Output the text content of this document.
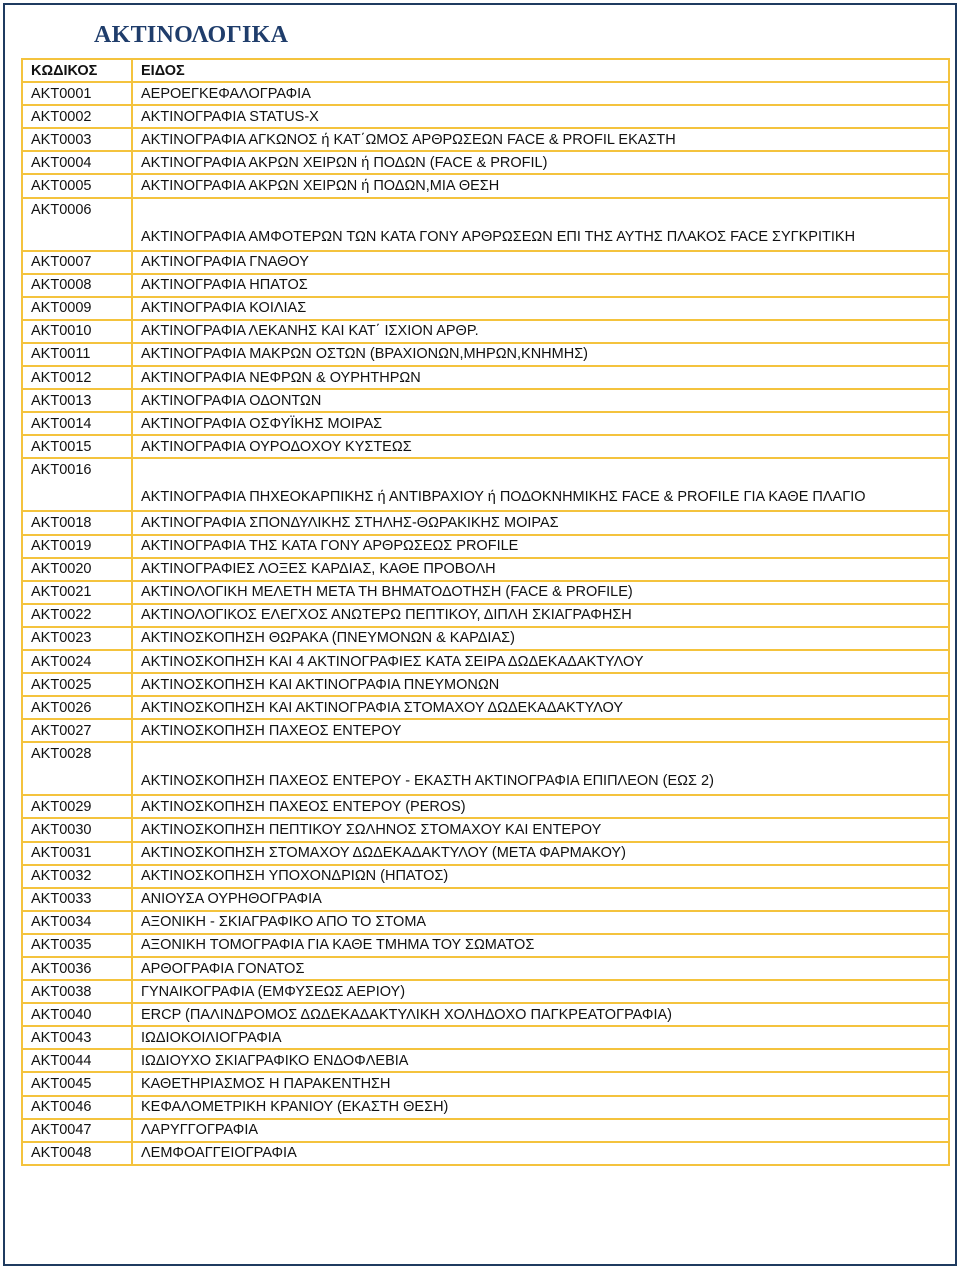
ΑΚΤΙΝΟΛΟΓΙΚΑ
ΚΩΔΙΚΟΣ	ΕΙΔΟΣ
AKT0001	ΑΕΡΟΕΓΚΕΦΑΛΟΓΡΑΦΙΑ
AKT0002	ΑΚΤΙΝΟΓΡΑΦΙΑ STATUS-X
AKT0003	ΑΚΤΙΝΟΓΡΑΦΙΑ ΑΓΚΩΝΟΣ ή ΚΑΤ΄ΩΜΟΣ ΑΡΘΡΩΣΕΩΝ FACE & PROFIL ΕΚΑΣΤΗ
AKT0004	ΑΚΤΙΝΟΓΡΑΦΙΑ ΑΚΡΩΝ ΧΕΙΡΩΝ ή ΠΟΔΩΝ (FACE & PROFIL)
AKT0005	ΑΚΤΙΝΟΓΡΑΦΙΑ ΑΚΡΩΝ ΧΕΙΡΩΝ ή ΠΟΔΩΝ,ΜΙΑ ΘΕΣΗ
AKT0006	ΑΚΤΙΝΟΓΡΑΦΙΑ ΑΜΦΟΤΕΡΩΝ ΤΩΝ ΚΑΤΑ ΓΟΝΥ ΑΡΘΡΩΣΕΩΝ ΕΠΙ ΤΗΣ ΑΥΤΗΣ ΠΛΑΚΟΣ FACE ΣΥΓΚΡΙΤΙΚΗ
AKT0007	ΑΚΤΙΝΟΓΡΑΦΙΑ ΓΝΑΘΟΥ
AKT0008	ΑΚΤΙΝΟΓΡΑΦΙΑ ΗΠΑΤΟΣ
AKT0009	ΑΚΤΙΝΟΓΡΑΦΙΑ ΚΟΙΛΙΑΣ
AKT0010	ΑΚΤΙΝΟΓΡΑΦΙΑ ΛΕΚΑΝΗΣ ΚΑΙ ΚΑΤ΄ ΙΣΧΙΟΝ ΑΡΘΡ.
AKT0011	ΑΚΤΙΝΟΓΡΑΦΙΑ ΜΑΚΡΩΝ ΟΣΤΩΝ (ΒΡΑΧΙΟΝΩΝ,ΜΗΡΩΝ,ΚΝΗΜΗΣ)
AKT0012	ΑΚΤΙΝΟΓΡΑΦΙΑ ΝΕΦΡΩΝ & ΟΥΡΗΤΗΡΩΝ
AKT0013	ΑΚΤΙΝΟΓΡΑΦΙΑ ΟΔΟΝΤΩΝ
AKT0014	ΑΚΤΙΝΟΓΡΑΦΙΑ ΟΣΦΥΪΚΗΣ ΜΟΙΡΑΣ
AKT0015	ΑΚΤΙΝΟΓΡΑΦΙΑ ΟΥΡΟΔΟΧΟΥ ΚΥΣΤΕΩΣ
AKT0016	ΑΚΤΙΝΟΓΡΑΦΙΑ ΠΗΧΕΟΚΑΡΠΙΚΗΣ ή ΑΝΤΙΒΡΑΧΙΟΥ ή ΠΟΔΟΚΝΗΜΙΚΗΣ FACE & PROFILE ΓΙΑ ΚΑΘΕ ΠΛΑΓΙΟ
AKT0018	ΑΚΤΙΝΟΓΡΑΦΙΑ ΣΠΟΝΔΥΛΙΚΗΣ ΣΤΗΛΗΣ-ΘΩΡΑΚΙΚΗΣ ΜΟΙΡΑΣ
AKT0019	ΑΚΤΙΝΟΓΡΑΦΙΑ ΤΗΣ ΚΑΤΑ ΓΟΝΥ ΑΡΘΡΩΣΕΩΣ PROFILE
AKT0020	ΑΚΤΙΝΟΓΡΑΦΙΕΣ ΛΟΞΕΣ ΚΑΡΔΙΑΣ, ΚΑΘΕ ΠΡΟΒΟΛΗ
AKT0021	ΑΚΤΙΝΟΛΟΓΙΚΗ ΜΕΛΕΤΗ ΜΕΤΑ ΤΗ ΒΗΜΑΤΟΔΟΤΗΣΗ (FACE & PROFILE)
AKT0022	ΑΚΤΙΝΟΛΟΓΙΚΟΣ ΕΛΕΓΧΟΣ ΑΝΩΤΕΡΩ ΠΕΠΤΙΚΟΥ, ΔΙΠΛΗ ΣΚΙΑΓΡΑΦΗΣΗ
AKT0023	ΑΚΤΙΝΟΣΚΟΠΗΣΗ ΘΩΡΑΚΑ (ΠΝΕΥΜΟΝΩΝ & ΚΑΡΔΙΑΣ)
AKT0024	ΑΚΤΙΝΟΣΚΟΠΗΣΗ ΚΑΙ 4 ΑΚΤΙΝΟΓΡΑΦΙΕΣ ΚΑΤΑ ΣΕΙΡΑ ΔΩΔΕΚΑΔΑΚΤΥΛΟΥ
AKT0025	ΑΚΤΙΝΟΣΚΟΠΗΣΗ ΚΑΙ ΑΚΤΙΝΟΓΡΑΦΙΑ ΠΝΕΥΜΟΝΩΝ
AKT0026	ΑΚΤΙΝΟΣΚΟΠΗΣΗ ΚΑΙ ΑΚΤΙΝΟΓΡΑΦΙΑ ΣΤΟΜΑΧΟΥ ΔΩΔΕΚΑΔΑΚΤΥΛΟΥ
AKT0027	ΑΚΤΙΝΟΣΚΟΠΗΣΗ ΠΑΧΕΟΣ ΕΝΤΕΡΟΥ
AKT0028	ΑΚΤΙΝΟΣΚΟΠΗΣΗ ΠΑΧΕΟΣ ΕΝΤΕΡΟΥ - ΕΚΑΣΤΗ ΑΚΤΙΝΟΓΡΑΦΙΑ ΕΠΙΠΛΕΟΝ (ΕΩΣ 2)
AKT0029	ΑΚΤΙΝΟΣΚΟΠΗΣΗ ΠΑΧΕΟΣ ΕΝΤΕΡΟΥ (PEROS)
AKT0030	ΑΚΤΙΝΟΣΚΟΠΗΣΗ ΠΕΠΤΙΚΟΥ ΣΩΛΗΝΟΣ ΣΤΟΜΑΧΟΥ ΚΑΙ ΕΝΤΕΡΟΥ
AKT0031	ΑΚΤΙΝΟΣΚΟΠΗΣΗ ΣΤΟΜΑΧΟΥ ΔΩΔΕΚΑΔΑΚΤΥΛΟΥ (ΜΕΤΑ ΦΑΡΜΑΚΟΥ)
AKT0032	ΑΚΤΙΝΟΣΚΟΠΗΣΗ ΥΠΟΧΟΝΔΡΙΩΝ (ΗΠΑΤΟΣ)
AKT0033	ΑΝΙΟΥΣΑ ΟΥΡΗΘΟΓΡΑΦΙΑ
AKT0034	ΑΞΟΝΙΚΗ - ΣΚΙΑΓΡΑΦΙΚΟ ΑΠΟ ΤΟ ΣΤΟΜΑ
AKT0035	ΑΞΟΝΙΚΗ ΤΟΜΟΓΡΑΦΙΑ ΓΙΑ ΚΑΘΕ ΤΜΗΜΑ ΤΟΥ ΣΩΜΑΤΟΣ
AKT0036	ΑΡΘΟΓΡΑΦΙΑ ΓΟΝΑΤΟΣ
AKT0038	ΓΥΝΑΙΚΟΓΡΑΦΙΑ (ΕΜΦΥΣΕΩΣ ΑΕΡΙΟΥ)
AKT0040	ERCP (ΠΑΛΙΝΔΡΟΜΟΣ ΔΩΔΕΚΑΔΑΚΤΥΛΙΚΗ ΧΟΛΗΔΟΧΟ ΠΑΓΚΡΕΑΤΟΓΡΑΦΙΑ)
AKT0043	ΙΩΔΙΟΚΟΙΛΙΟΓΡΑΦΙΑ
AKT0044	ΙΩΔΙΟΥΧΟ ΣΚΙΑΓΡΑΦΙΚΟ ΕΝΔΟΦΛΕΒΙΑ
AKT0045	ΚΑΘΕΤΗΡΙΑΣΜΟΣ Η ΠΑΡΑΚΕΝΤΗΣΗ
AKT0046	ΚΕΦΑΛΟΜΕΤΡΙΚΗ ΚΡΑΝΙΟΥ (ΕΚΑΣΤΗ ΘΕΣΗ)
AKT0047	ΛΑΡΥΓΓΟΓΡΑΦΙΑ
AKT0048	ΛΕΜΦΟΑΓΓΕΙΟΓΡΑΦΙΑ
